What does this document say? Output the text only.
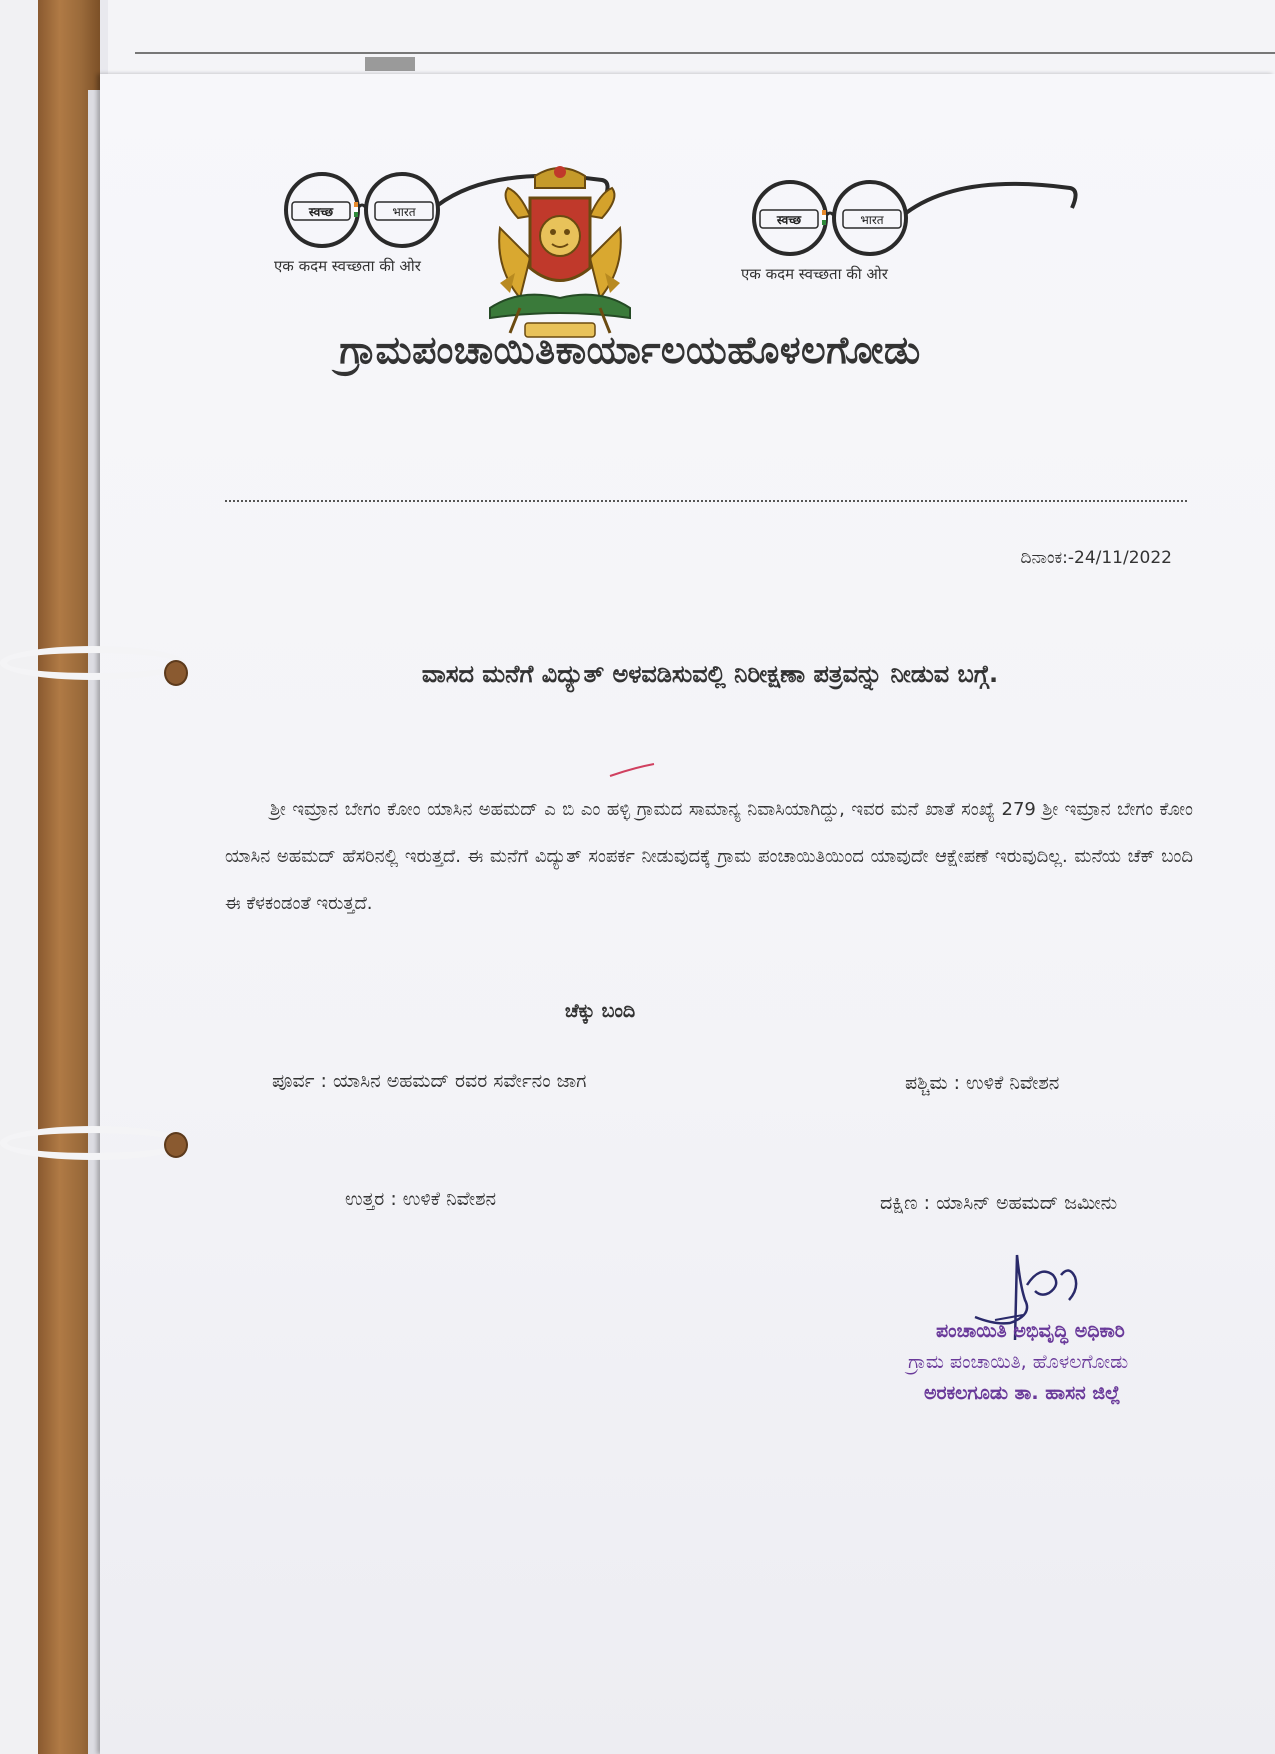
स्वच्छ	भारत
एक कदम स्वच्छता की ओर
स्वच्छ	भारत
एक कदम स्वच्छता की ओर
ಗ್ರಾಮಪಂಚಾಯಿತಿಕಾರ್ಯಾಲಯಹೊಳಲಗೋಡು
ದಿನಾಂಕ:-24/11/2022
ವಾಸದ ಮನೆಗೆ ವಿದ್ಯುತ್ ಅಳವಡಿಸುವಲ್ಲಿ ನಿರೀಕ್ಷಣಾ ಪತ್ರವನ್ನು ನೀಡುವ ಬಗ್ಗೆ.
ಶ್ರೀ ಇಮ್ರಾನ ಬೇಗಂ ಕೋಂ ಯಾಸಿನ ಅಹಮದ್ ಎ ಬಿ ಎಂ ಹಳ್ಳಿ ಗ್ರಾಮದ ಸಾಮಾನ್ಯ ನಿವಾಸಿಯಾಗಿದ್ದು, ಇವರ ಮನೆ ಖಾತೆ ಸಂಖ್ಯೆ 279 ಶ್ರೀ ಇಮ್ರಾನ ಬೇಗಂ ಕೋಂ ಯಾಸಿನ ಅಹಮದ್ ಹೆಸರಿನಲ್ಲಿ ಇರುತ್ತದೆ. ಈ ಮನೆಗೆ ವಿದ್ಯುತ್ ಸಂಪರ್ಕ ನೀಡುವುದಕ್ಕೆ ಗ್ರಾಮ ಪಂಚಾಯಿತಿಯಿಂದ ಯಾವುದೇ ಆಕ್ಷೇಪಣೆ ಇರುವುದಿಲ್ಲ. ಮನೆಯ ಚೆಕ್ ಬಂದಿ ಈ ಕೆಳಕಂಡಂತೆ ಇರುತ್ತದೆ.
ಚೆಕ್ಕು ಬಂದಿ
ಪೂರ್ವ : ಯಾಸಿನ ಅಹಮದ್ ರವರ ಸರ್ವೇನಂ ಜಾಗ	ಪಶ್ಚಿಮ : ಉಳಿಕೆ ನಿವೇಶನ
ಉತ್ತರ : ಉಳಿಕೆ ನಿವೇಶನ	ದಕ್ಷಿಣ : ಯಾಸಿನ್ ಅಹಮದ್ ಜಮೀನು
ಪಂಚಾಯಿತಿ ಅಭಿವೃದ್ಧಿ ಅಧಿಕಾರಿ
ಗ್ರಾಮ ಪಂಚಾಯಿತಿ, ಹೊಳಲಗೋಡು
ಅರಕಲಗೂಡು ತಾ. ಹಾಸನ ಜಿಲ್ಲೆ
